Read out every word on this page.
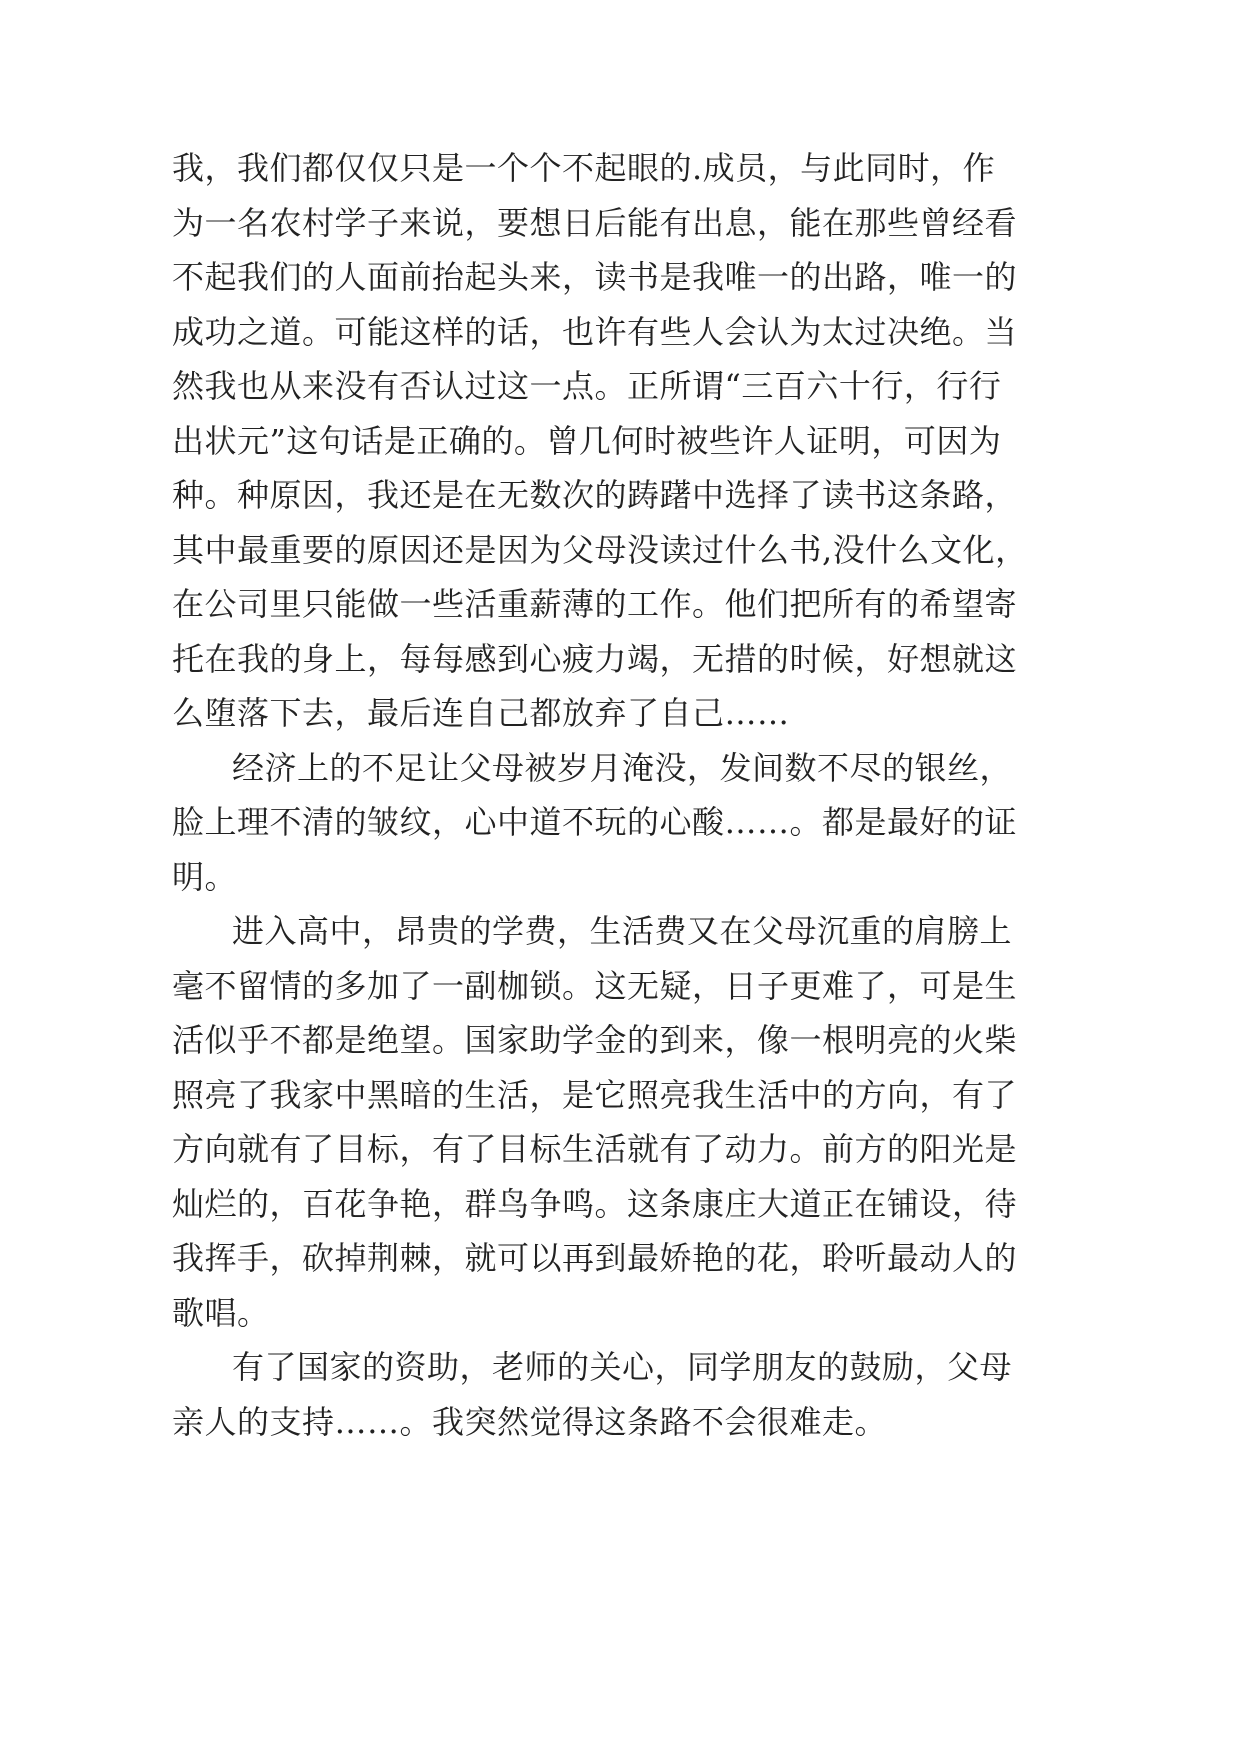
我，我们都仅仅只是一个个不起眼的.成员，与此同时，作
为一名农村学子来说，要想日后能有出息，能在那些曾经看
不起我们的人面前抬起头来，读书是我唯一的出路，唯一的
成功之道。可能这样的话，也许有些人会认为太过决绝。当
然我也从来没有否认过这一点。正所谓“三百六十行，行行
出状元”这句话是正确的。曾几何时被些许人证明，可因为
种。种原因，我还是在无数次的踌躇中选择了读书这条路，
其中最重要的原因还是因为父母没读过什么书,没什么文化，
在公司里只能做一些活重薪薄的工作。他们把所有的希望寄
托在我的身上，每每感到心疲力竭，无措的时候，好想就这
么堕落下去，最后连自己都放弃了自己……
经济上的不足让父母被岁月淹没，发间数不尽的银丝，
脸上理不清的皱纹，心中道不玩的心酸……。都是最好的证
明。
进入高中，昂贵的学费，生活费又在父母沉重的肩膀上
毫不留情的多加了一副枷锁。这无疑，日子更难了，可是生
活似乎不都是绝望。国家助学金的到来，像一根明亮的火柴
照亮了我家中黑暗的生活，是它照亮我生活中的方向，有了
方向就有了目标，有了目标生活就有了动力。前方的阳光是
灿烂的，百花争艳，群鸟争鸣。这条康庄大道正在铺设，待
我挥手，砍掉荆棘，就可以再到最娇艳的花，聆听最动人的
歌唱。
有了国家的资助，老师的关心，同学朋友的鼓励，父母
亲人的支持……。我突然觉得这条路不会很难走。
